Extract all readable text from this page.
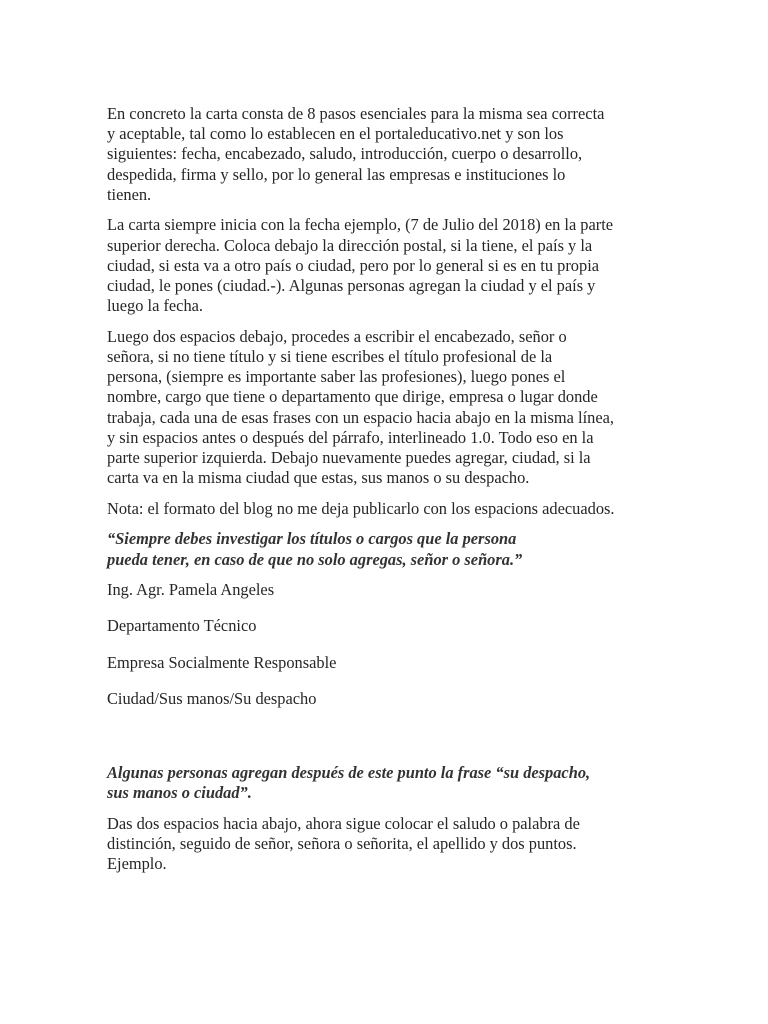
En concreto la carta consta de 8 pasos esenciales para la misma sea correcta
y aceptable, tal como lo establecen en el portaleducativo.net y son los
siguientes: fecha, encabezado, saludo, introducción, cuerpo o desarrollo,
despedida, firma y sello, por lo general las empresas e instituciones lo
tienen.

La carta siempre inicia con la fecha ejemplo, (7 de Julio del 2018) en la parte
superior derecha. Coloca debajo la dirección postal, si la tiene, el país y la
ciudad, si esta va a otro país o ciudad, pero por lo general si es en tu propia
ciudad, le pones (ciudad.-). Algunas personas agregan la ciudad y el país y
luego la fecha.

Luego dos espacios debajo, procedes a escribir el encabezado, señor o
señora, si no tiene título y si tiene escribes el título profesional de la
persona, (siempre es importante saber las profesiones), luego pones el
nombre, cargo que tiene o departamento que dirige, empresa o lugar donde
trabaja, cada una de esas frases con un espacio hacia abajo en la misma línea,
y sin espacios antes o después del párrafo, interlineado 1.0. Todo eso en la
parte superior izquierda. Debajo nuevamente puedes agregar, ciudad, si la
carta va en la misma ciudad que estas, sus manos o su despacho.

Nota: el formato del blog no me deja publicarlo con los espacions adecuados.

“Siempre debes investigar los títulos o cargos que la persona
pueda tener, en caso de que no solo agregas, señor o señora.”

Ing. Agr. Pamela Angeles

Departamento Técnico

Empresa Socialmente Responsable

Ciudad/Sus manos/Su despacho

Algunas personas agregan después de este punto la frase “su despacho,
sus manos o ciudad”.

Das dos espacios hacia abajo, ahora sigue colocar el saludo o palabra de
distinción, seguido de señor, señora o señorita, el apellido y dos puntos.
Ejemplo.
